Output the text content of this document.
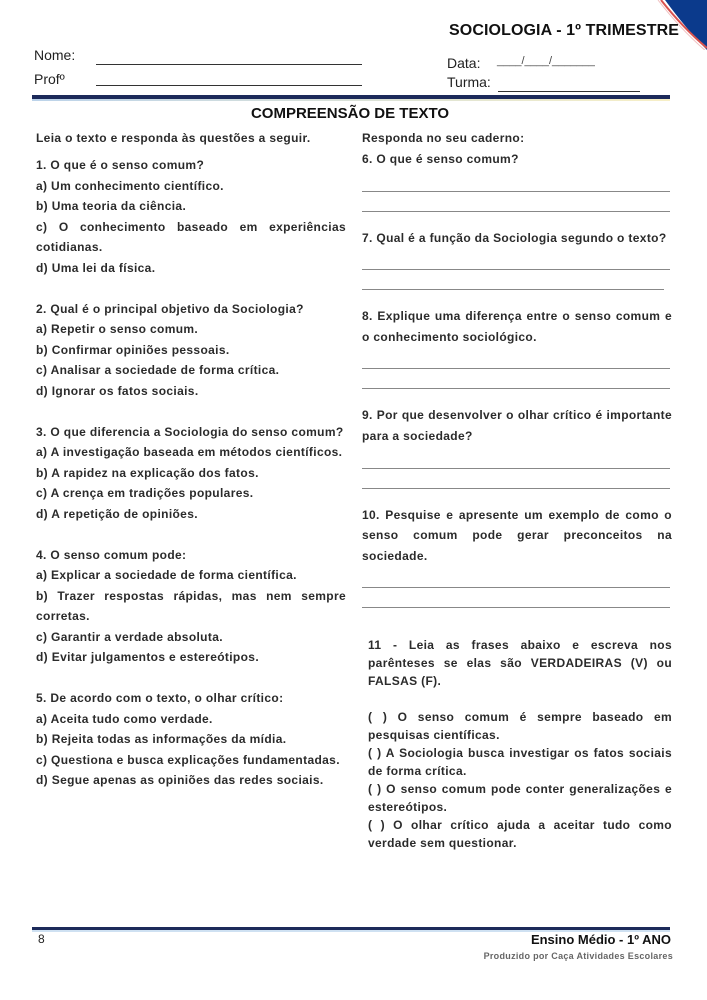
SOCIOLOGIA - 1º TRIMESTRE
Nome:
Profº
Data: ____/____/_______
Turma:
COMPREENSÃO DE TEXTO
Leia o texto e responda às questões a seguir.
1. O que é o senso comum?
a) Um conhecimento científico.
b) Uma teoria da ciência.
c) O conhecimento baseado em experiências cotidianas.
d) Uma lei da física.
2. Qual é o principal objetivo da Sociologia?
a) Repetir o senso comum.
b) Confirmar opiniões pessoais.
c) Analisar a sociedade de forma crítica.
d) Ignorar os fatos sociais.
3. O que diferencia a Sociologia do senso comum?
a) A investigação baseada em métodos científicos.
b) A rapidez na explicação dos fatos.
c) A crença em tradições populares.
d) A repetição de opiniões.
4. O senso comum pode:
a) Explicar a sociedade de forma científica.
b) Trazer respostas rápidas, mas nem sempre corretas.
c) Garantir a verdade absoluta.
d) Evitar julgamentos e estereótipos.
5. De acordo com o texto, o olhar crítico:
a) Aceita tudo como verdade.
b) Rejeita todas as informações da mídia.
c) Questiona e busca explicações fundamentadas.
d) Segue apenas as opiniões das redes sociais.
Responda no seu caderno:
6. O que é senso comum?
7. Qual é a função da Sociologia segundo o texto?
8. Explique uma diferença entre o senso comum e o conhecimento sociológico.
9. Por que desenvolver o olhar crítico é importante para a sociedade?
10. Pesquise e apresente um exemplo de como o senso comum pode gerar preconceitos na sociedade.
11 - Leia as frases abaixo e escreva nos parênteses se elas são VERDADEIRAS (V) ou FALSAS (F).
( ) O senso comum é sempre baseado em pesquisas científicas.
( ) A Sociologia busca investigar os fatos sociais de forma crítica.
( ) O senso comum pode conter generalizações e estereótipos.
( ) O olhar crítico ajuda a aceitar tudo como verdade sem questionar.
8	Ensino Médio - 1º ANO
Produzido por Caça Atividades Escolares
